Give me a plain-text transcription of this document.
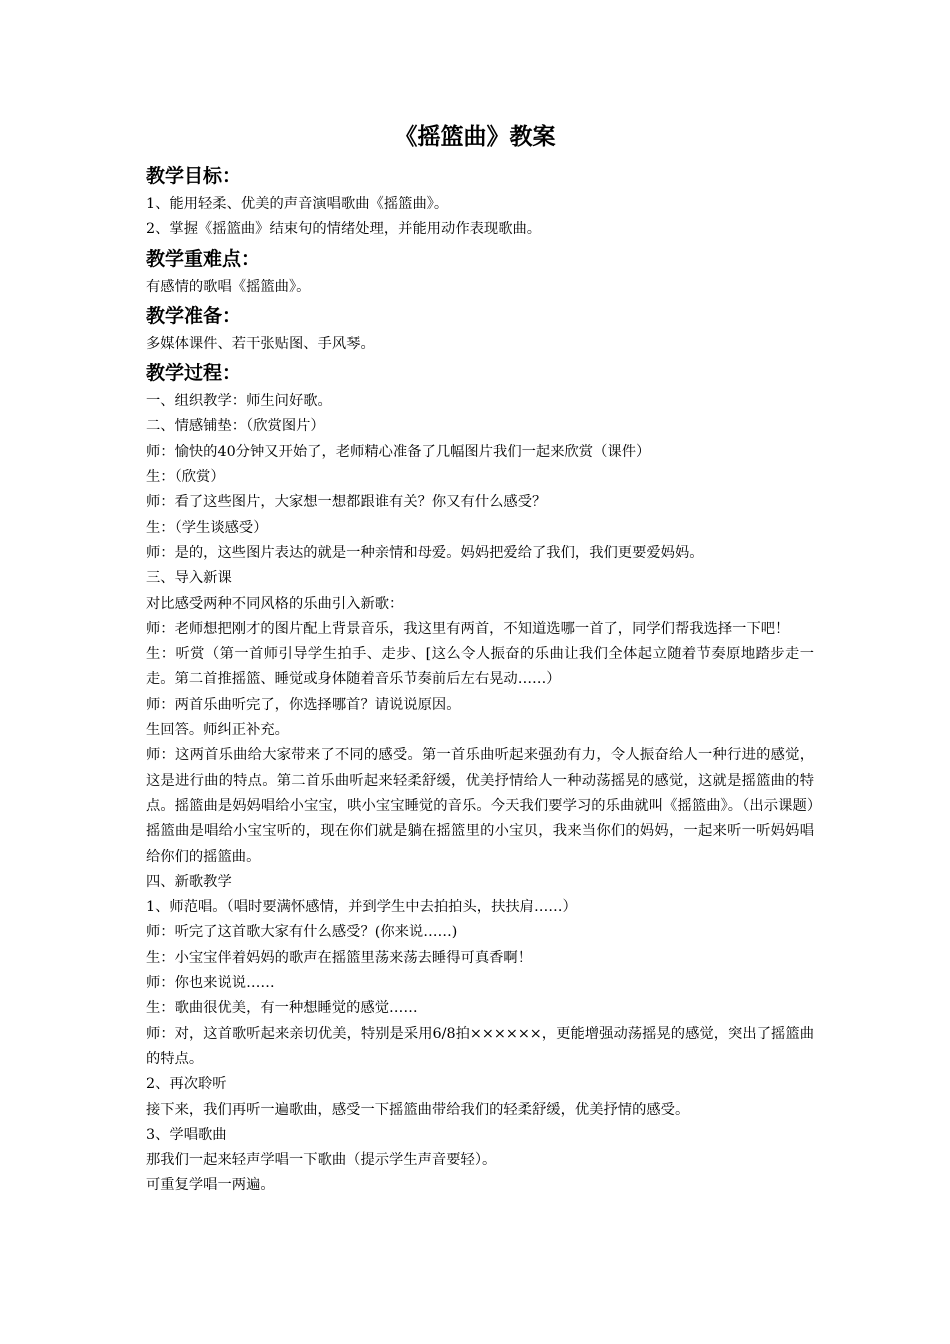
《摇篮曲》教案
教学目标：

1、能用轻柔、优美的声音演唱歌曲《摇篮曲》。

2、掌握《摇篮曲》结束句的情绪处理，并能用动作表现歌曲。

教学重难点：

有感情的歌唱《摇篮曲》。

教学准备：

多媒体课件、若干张贴图、手风琴。

教学过程：

一、组织教学：师生问好歌。

二、情感铺垫：（欣赏图片）

师：愉快的40分钟又开始了，老师精心准备了几幅图片我们一起来欣赏（课件）

生：（欣赏）

师：看了这些图片，大家想一想都跟谁有关？你又有什么感受？

生：（学生谈感受）

师：是的，这些图片表达的就是一种亲情和母爱。妈妈把爱给了我们，我们更要爱妈妈。

三、导入新课

对比感受两种不同风格的乐曲引入新歌：

师：老师想把刚才的图片配上背景音乐，我这里有两首，不知道选哪一首了，同学们帮我选择一下吧！

生：听赏（第一首师引导学生拍手、走步、[这么令人振奋的乐曲让我们全体起立随着节奏原地踏步走一走。第二首推摇篮、睡觉或身体随着音乐节奏前后左右晃动……）

师：两首乐曲听完了，你选择哪首？请说说原因。

生回答。师纠正补充。

师：这两首乐曲给大家带来了不同的感受。第一首乐曲听起来强劲有力，令人振奋给人一种行进的感觉，这是进行曲的特点。第二首乐曲听起来轻柔舒缓，优美抒情给人一种动荡摇晃的感觉，这就是摇篮曲的特点。摇篮曲是妈妈唱给小宝宝，哄小宝宝睡觉的音乐。今天我们要学习的乐曲就叫《摇篮曲》。（出示课题）摇篮曲是唱给小宝宝听的，现在你们就是躺在摇篮里的小宝贝，我来当你们的妈妈，一起来听一听妈妈唱给你们的摇篮曲。

四、新歌教学

1、师范唱。（唱时要满怀感情，并到学生中去拍拍头，扶扶肩……）

师：听完了这首歌大家有什么感受？(你来说……)

生：小宝宝伴着妈妈的歌声在摇篮里荡来荡去睡得可真香啊！

师：你也来说说……

生：歌曲很优美，有一种想睡觉的感觉……

师：对，这首歌听起来亲切优美，特别是采用6/8拍××××××，更能增强动荡摇晃的感觉，突出了摇篮曲的特点。

2、再次聆听

接下来，我们再听一遍歌曲，感受一下摇篮曲带给我们的轻柔舒缓，优美抒情的感受。

3、学唱歌曲

那我们一起来轻声学唱一下歌曲（提示学生声音要轻）。

可重复学唱一两遍。
